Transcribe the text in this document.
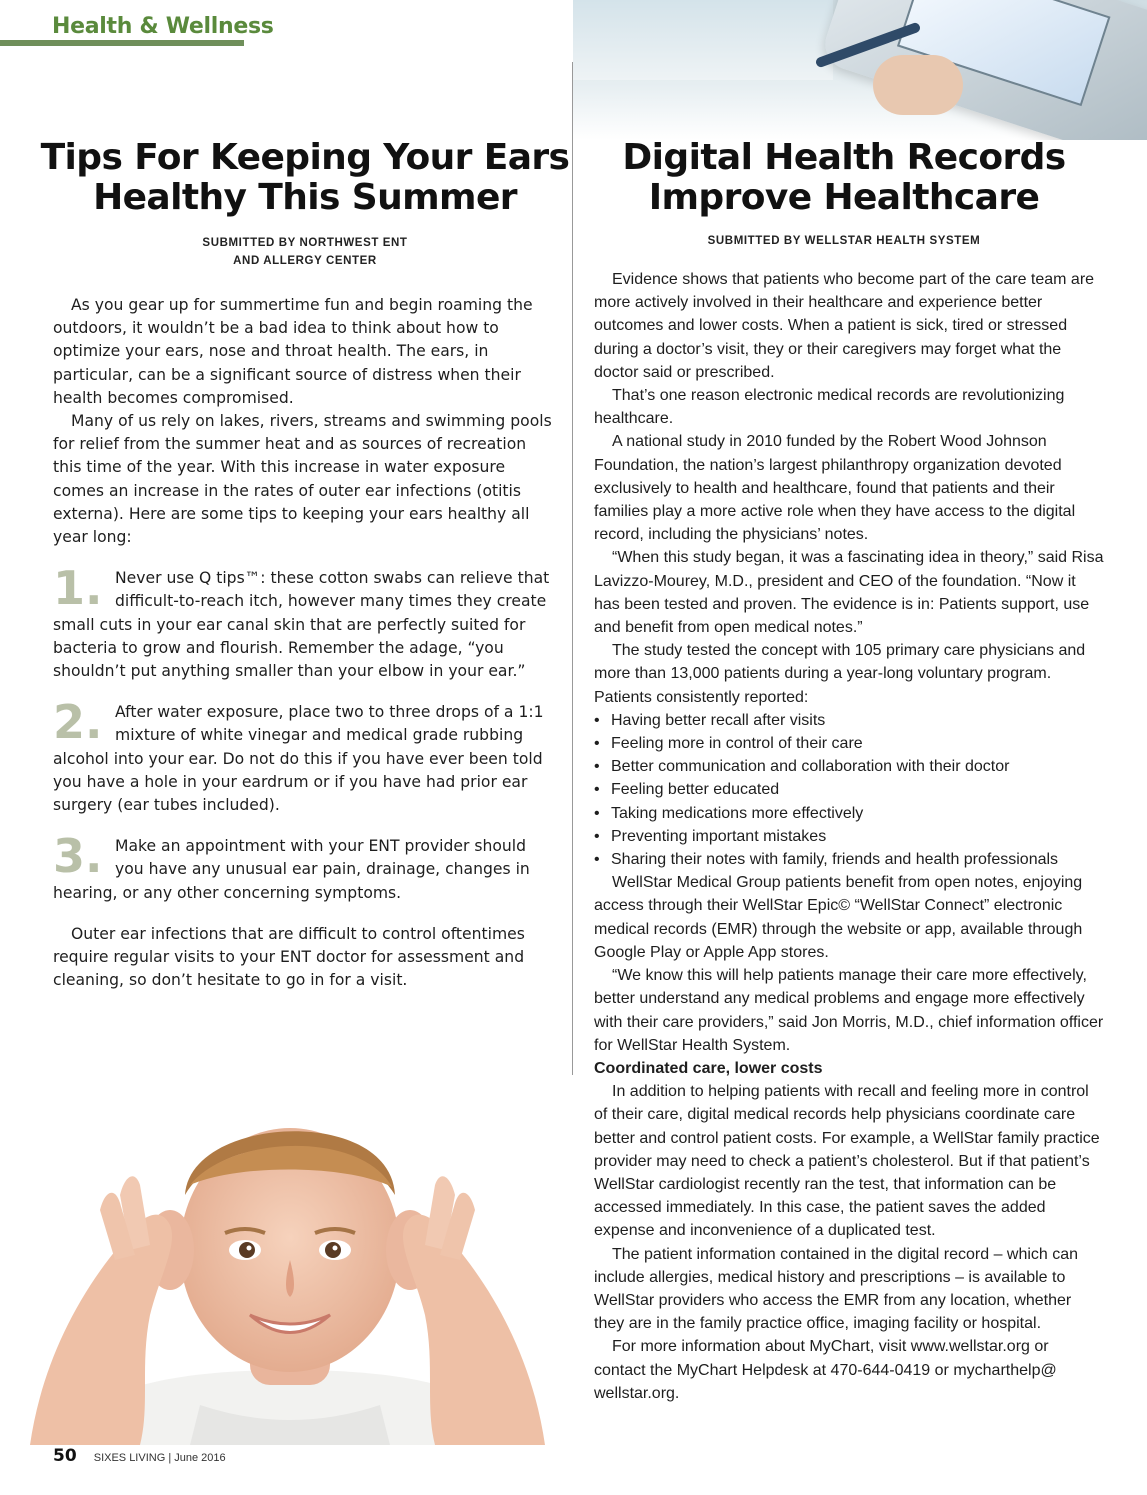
Health & Wellness
Tips For Keeping Your Ears
Healthy This Summer
SUBMITTED BY NORTHWEST ENT
AND ALLERGY CENTER

As you gear up for summertime fun and begin roaming the outdoors, it wouldn’t be a bad idea to think about how to optimize your ears, nose and throat health. The ears, in particular, can be a significant source of distress when their health becomes compromised.

Many of us rely on lakes, rivers, streams and swimming pools for relief from the summer heat and as sources of recreation this time of the year. With this increase in water exposure comes an increase in the rates of outer ear infections (otitis externa). Here are some tips to keeping your ears healthy all year long:

1. Never use Q tips™: these cotton swabs can relieve that difficult-to-reach itch, however many times they create small cuts in your ear canal skin that are perfectly suited for bacteria to grow and flourish. Remember the adage, “you shouldn’t put anything smaller than your elbow in your ear.”
2. After water exposure, place two to three drops of a 1:1 mixture of white vinegar and medical grade rubbing alcohol into your ear. Do not do this if you have ever been told you have a hole in your eardrum or if you have had prior ear surgery (ear tubes included).
3. Make an appointment with your ENT provider should you have any unusual ear pain, drainage, changes in hearing, or any other concerning symptoms.

Outer ear infections that are difficult to control oftentimes require regular visits to your ENT doctor for assessment and cleaning, so don’t hesitate to go in for a visit.

Digital Health Records
Improve Healthcare
SUBMITTED BY WELLSTAR HEALTH SYSTEM

Evidence shows that patients who become part of the care team are more actively involved in their healthcare and experience better outcomes and lower costs. When a patient is sick, tired or stressed during a doctor’s visit, they or their caregivers may forget what the doctor said or prescribed.

That’s one reason electronic medical records are revolutionizing healthcare.

A national study in 2010 funded by the Robert Wood Johnson Foundation, the nation’s largest philanthropy organization devoted exclusively to health and healthcare, found that patients and their families play a more active role when they have access to the digital record, including the physicians’ notes.

“When this study began, it was a fascinating idea in theory,” said Risa Lavizzo-Mourey, M.D., president and CEO of the foundation. “Now it has been tested and proven. The evidence is in: Patients support, use and benefit from open medical notes.”

The study tested the concept with 105 primary care physicians and more than 13,000 patients during a year-long voluntary program. Patients consistently reported:

• Having better recall after visits
• Feeling more in control of their care
• Better communication and collaboration with their doctor
• Feeling better educated
• Taking medications more effectively
• Preventing important mistakes
• Sharing their notes with family, friends and health professionals

WellStar Medical Group patients benefit from open notes, enjoying access through their WellStar Epic© “WellStar Connect” electronic medical records (EMR) through the website or app, available through Google Play or Apple App stores.

“We know this will help patients manage their care more effectively, better understand any medical problems and engage more effectively with their care providers,” said Jon Morris, M.D., chief information officer for WellStar Health System.

Coordinated care, lower costs

In addition to helping patients with recall and feeling more in control of their care, digital medical records help physicians coordinate care better and control patient costs. For example, a WellStar family practice provider may need to check a patient’s cholesterol. But if that patient’s WellStar cardiologist recently ran the test, that information can be accessed immediately. In this case, the patient saves the added expense and inconvenience of a duplicated test.

The patient information contained in the digital record – which can include allergies, medical history and prescriptions – is available to WellStar providers who access the EMR from any location, whether they are in the family practice office, imaging facility or hospital.

For more information about MyChart, visit www.wellstar.org or contact the MyChart Helpdesk at 470-644-0419 or mycharthelp@ wellstar.org.

50 SIXES LIVING | June 2016
